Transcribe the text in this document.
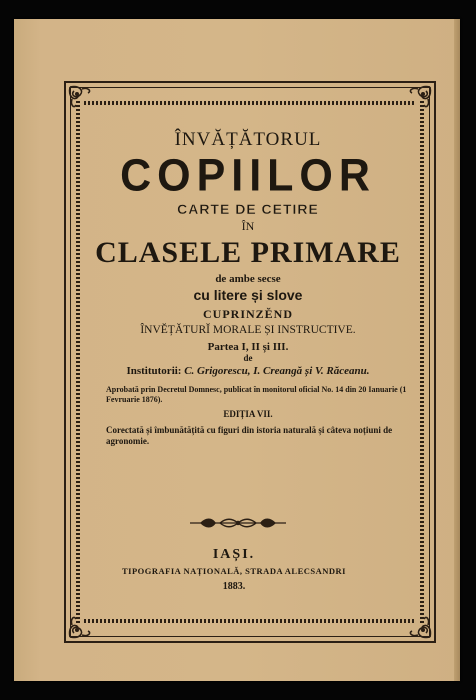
ÎNVĂȚĂTORUL
COPIILOR
CARTE DE CETIRE
ÎN
CLASELE PRIMARE
de ambe secse
cu litere și slove
CUPRINZĔND
ÎNVĔȚĂTURĬ MORALE ȘI INSTRUCTIVE.
Partea I, II și III.
de
Institutorii: C. Grigorescu, I. Creangă și V. Răceanu.
Aprobată prin Decretul Domnesc, publicat în monitorul oficial No. 14 din 20 Ianuarie (1 Fevruarie 1876).
EDIȚIA VII.
Corectată și îmbunătățită cu figuri din istoria naturală și câteva noțiuni de agronomie.
IAȘI.
TIPOGRAFIA NAȚIONALĂ, STRADA ALECSANDRI
1883.
